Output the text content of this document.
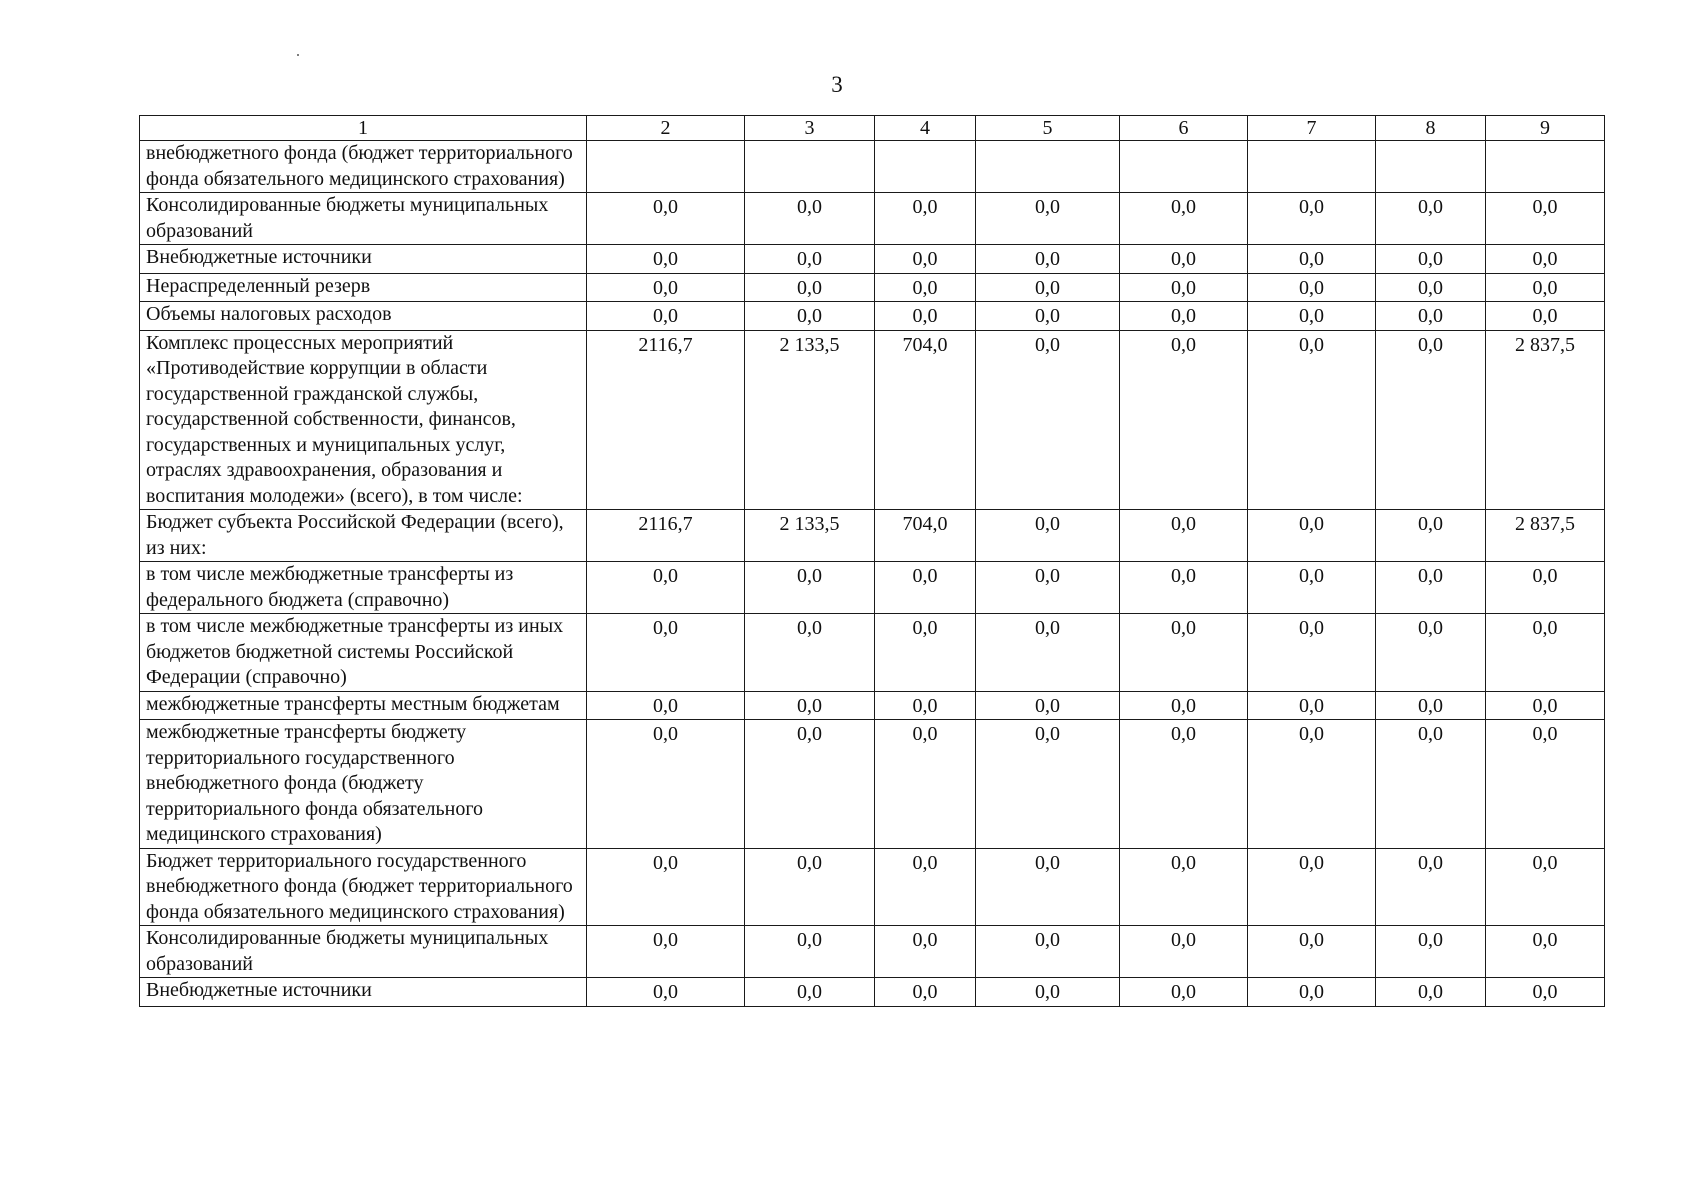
3
1	2	3	4	5	6	7	8	9
внебюджетного фонда (бюджет территориального фонда обязательного медицинского страхования)								
Консолидированные бюджеты муниципальных образований	0,0	0,0	0,0	0,0	0,0	0,0	0,0	0,0
Внебюджетные источники	0,0	0,0	0,0	0,0	0,0	0,0	0,0	0,0
Нераспределенный резерв	0,0	0,0	0,0	0,0	0,0	0,0	0,0	0,0
Объемы налоговых расходов	0,0	0,0	0,0	0,0	0,0	0,0	0,0	0,0
Комплекс процессных мероприятий «Противодействие коррупции в области государственной гражданской службы, государственной собственности, финансов, государственных и муниципальных услуг, отраслях здравоохранения, образования и воспитания молодежи» (всего), в том числе:	2116,7	2 133,5	704,0	0,0	0,0	0,0	0,0	2 837,5
Бюджет субъекта Российской Федерации (всего), из них:	2116,7	2 133,5	704,0	0,0	0,0	0,0	0,0	2 837,5
в том числе межбюджетные трансферты из федерального бюджета (справочно)	0,0	0,0	0,0	0,0	0,0	0,0	0,0	0,0
в том числе межбюджетные трансферты из иных бюджетов бюджетной системы Российской Федерации (справочно)	0,0	0,0	0,0	0,0	0,0	0,0	0,0	0,0
межбюджетные трансферты местным бюджетам	0,0	0,0	0,0	0,0	0,0	0,0	0,0	0,0
межбюджетные трансферты бюджету территориального государственного внебюджетного фонда (бюджету территориального фонда обязательного медицинского страхования)	0,0	0,0	0,0	0,0	0,0	0,0	0,0	0,0
Бюджет территориального государственного внебюджетного фонда (бюджет территориального фонда обязательного медицинского страхования)	0,0	0,0	0,0	0,0	0,0	0,0	0,0	0,0
Консолидированные бюджеты муниципальных образований	0,0	0,0	0,0	0,0	0,0	0,0	0,0	0,0
Внебюджетные источники	0,0	0,0	0,0	0,0	0,0	0,0	0,0	0,0
